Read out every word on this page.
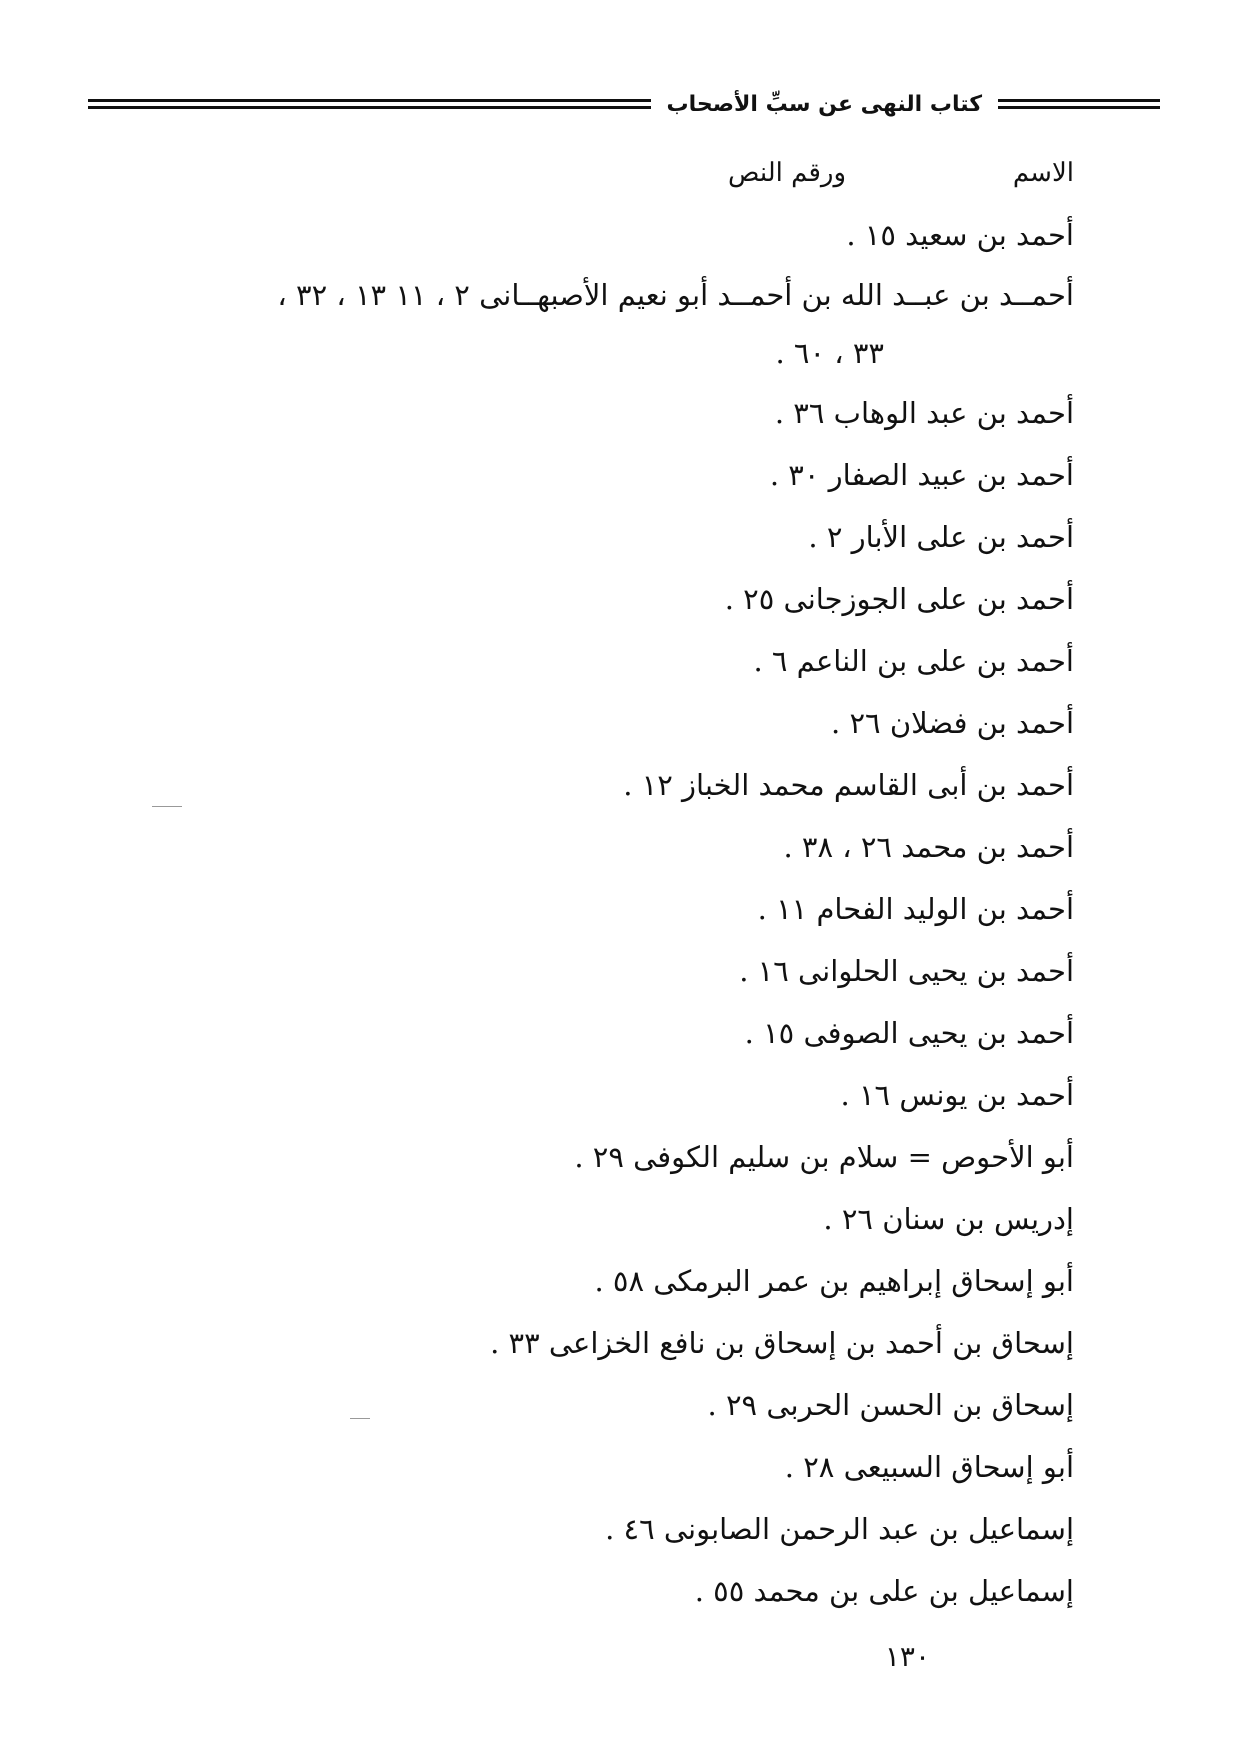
كتاب النهى عن سبِّ الأصحاب
الاسم
ورقم النص

أحمد بن سعيد ١٥ .

أحمــد بن عبــد الله بن أحمــد أبو نعيم الأصبهــانى ٢ ، ١١ ١٣ ، ٣٢ ،
٣٣ ، ٦٠ .

أحمد بن عبد الوهاب ٣٦ .

أحمد بن عبيد الصفار ٣٠ .

أحمد بن على الأبار ٢ .

أحمد بن على الجوزجانى ٢٥ .

أحمد بن على بن الناعم ٦ .

أحمد بن فضلان ٢٦ .

أحمد بن أبى القاسم محمد الخباز ١٢ .

أحمد بن محمد ٢٦ ، ٣٨ .

أحمد بن الوليد الفحام ١١ .

أحمد بن يحيى الحلوانى ١٦ .

أحمد بن يحيى الصوفى ١٥ .

أحمد بن يونس ١٦ .

أبو الأحوص = سلام بن سليم الكوفى ٢٩ .

إدريس بن سنان ٢٦ .

أبو إسحاق إبراهيم بن عمر البرمكى ٥٨ .

إسحاق بن أحمد بن إسحاق بن نافع الخزاعى ٣٣ .

إسحاق بن الحسن الحربى ٢٩ .

أبو إسحاق السبيعى ٢٨ .

إسماعيل بن عبد الرحمن الصابونى ٤٦ .

إسماعيل بن على بن محمد ٥٥ .

١٣٠
